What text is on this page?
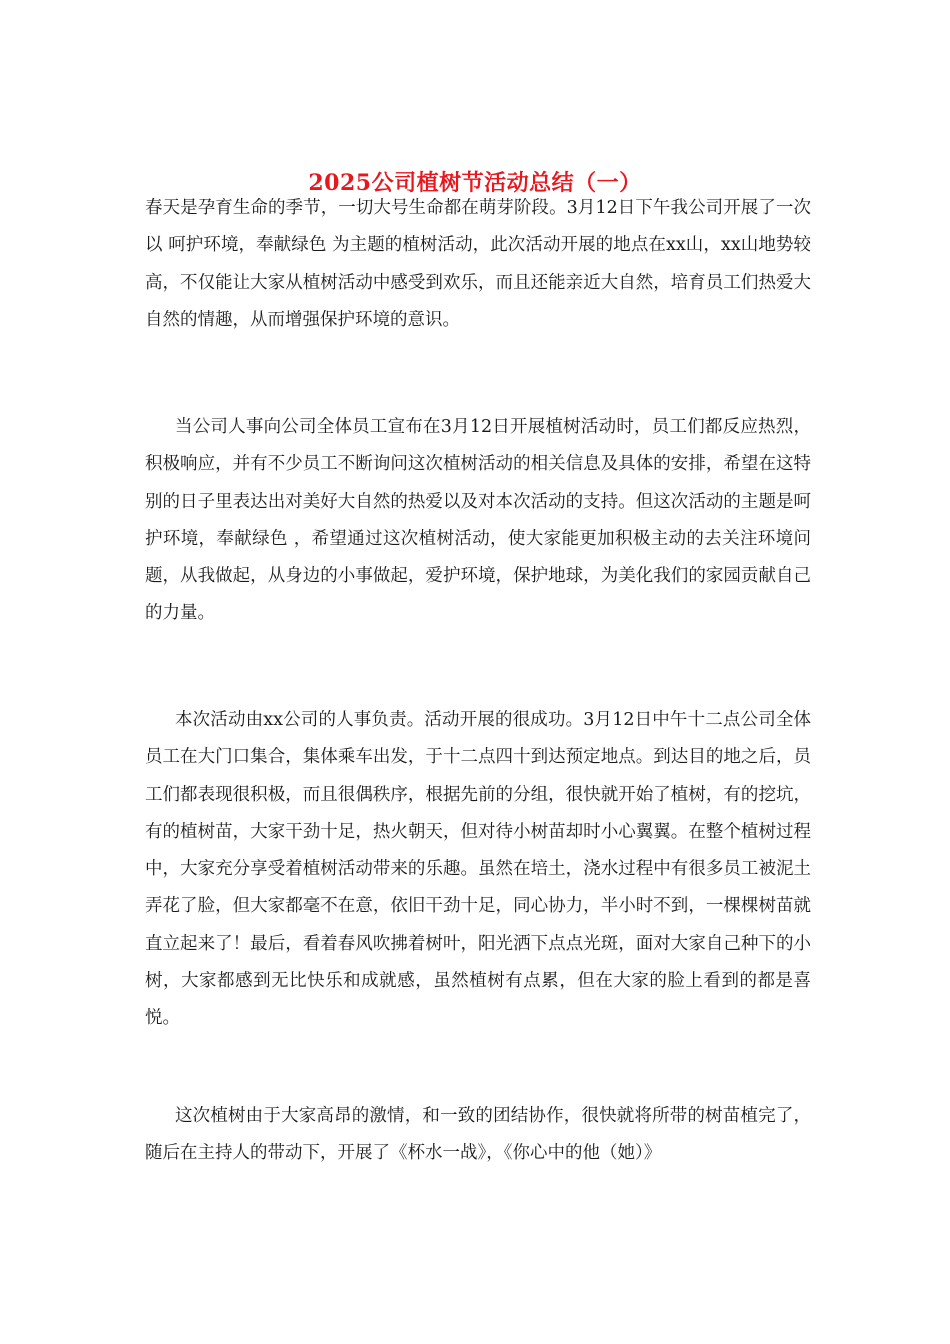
2025公司植树节活动总结（一）

春天是孕育生命的季节，一切大号生命都在萌芽阶段。3月12日下午我公司开展了一次以 呵护环境，奉献绿色 为主题的植树活动，此次活动开展的地点在xx山，xx山地势较高，不仅能让大家从植树活动中感受到欢乐，而且还能亲近大自然，培育员工们热爱大自然的情趣，从而增强保护环境的意识。

当公司人事向公司全体员工宣布在3月12日开展植树活动时，员工们都反应热烈，积极响应，并有不少员工不断询问这次植树活动的相关信息及具体的安排，希望在这特别的日子里表达出对美好大自然的热爱以及对本次活动的支持。但这次活动的主题是呵护环境，奉献绿色 ，希望通过这次植树活动，使大家能更加积极主动的去关注环境问题，从我做起，从身边的小事做起，爱护环境，保护地球，为美化我们的家园贡献自己的力量。

本次活动由xx公司的人事负责。活动开展的很成功。3月12日中午十二点公司全体员工在大门口集合，集体乘车出发，于十二点四十到达预定地点。到达目的地之后，员工们都表现很积极，而且很偶秩序，根据先前的分组，很快就开始了植树，有的挖坑，有的植树苗，大家干劲十足，热火朝天，但对待小树苗却时小心翼翼。在整个植树过程中，大家充分享受着植树活动带来的乐趣。虽然在培土，浇水过程中有很多员工被泥土弄花了脸，但大家都毫不在意，依旧干劲十足，同心协力，半小时不到，一棵棵树苗就直立起来了！最后，看着春风吹拂着树叶，阳光洒下点点光斑，面对大家自己种下的小树，大家都感到无比快乐和成就感，虽然植树有点累，但在大家的脸上看到的都是喜悦。

这次植树由于大家高昂的激情，和一致的团结协作，很快就将所带的树苗植完了，随后在主持人的带动下，开展了《杯水一战》，《你心中的他（她）》
